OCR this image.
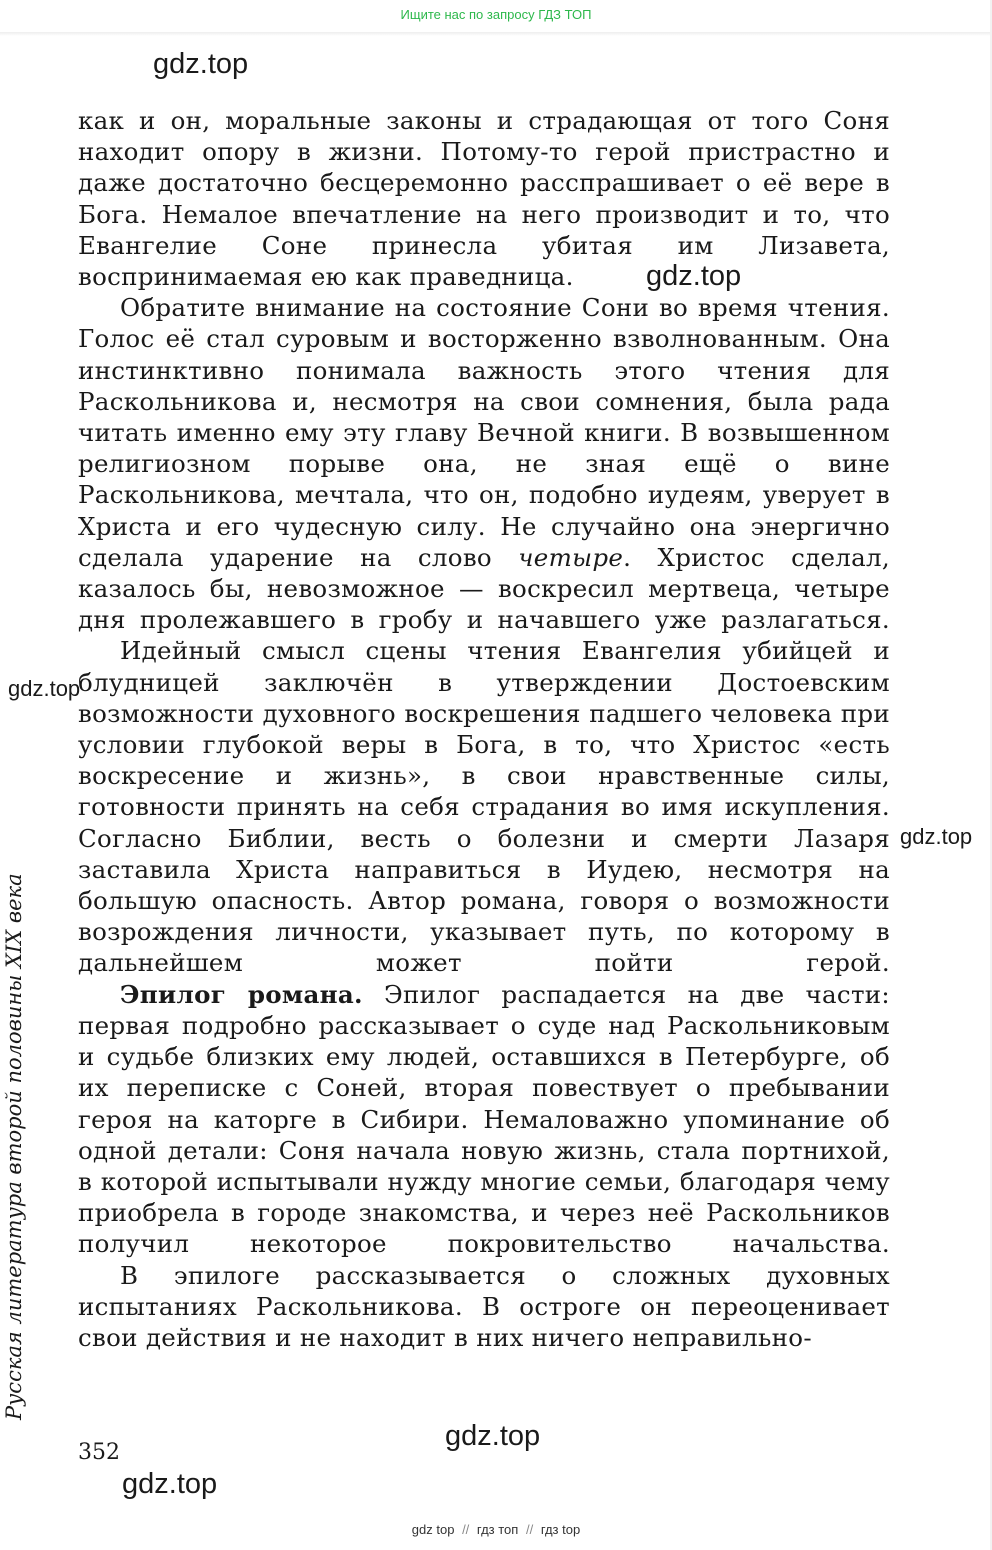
Ищите нас по запросу ГДЗ ТОП
gdz.top

как и он, моральные законы и страдающая от того Соня находит опору в жизни. Потому-то герой пристрастно и даже достаточно бесцеремонно расспрашивает о её вере в Бога. Немалое впечатление на него производит и то, что Евангелие Соне принесла убитая им Лизавета, воспринимаемая ею как праведница.

Обратите внимание на состояние Сони во время чтения. Голос её стал суровым и восторженно взволнованным. Она инстинктивно понимала важность этого чтения для Раскольникова и, несмотря на свои сомнения, была рада читать именно ему эту главу Вечной книги. В возвышенном религиозном порыве она, не зная ещё о вине Раскольникова, мечтала, что он, подобно иудеям, уверует в Христа и его чудесную силу. Не случайно она энергично сделала ударение на слово четыре. Христос сделал, казалось бы, невозможное — воскресил мертвеца, четыре дня пролежавшего в гробу и начавшего уже разлагаться.

Идейный смысл сцены чтения Евангелия убийцей и блудницей заключён в утверждении Достоевским возможности духовного воскрешения падшего человека при условии глубокой веры в Бога, в то, что Христос «есть воскресение и жизнь», в свои нравственные силы, готовности принять на себя страдания во имя искупления. Согласно Библии, весть о болезни и смерти Лазаря заставила Христа направиться в Иудею, несмотря на большую опасность. Автор романа, говоря о возможности возрождения личности, указывает путь, по которому в дальнейшем может пойти герой.

Эпилог романа. Эпилог распадается на две части: первая подробно рассказывает о суде над Раскольниковым и судьбе близких ему людей, оставшихся в Петербурге, об их переписке с Соней, вторая повествует о пребывании героя на каторге в Сибири. Немаловажно упоминание об одной детали: Соня начала новую жизнь, стала портнихой, в которой испытывали нужду многие семьи, благодаря чему приобрела в городе знакомства, и через неё Раскольников получил некоторое покровительство начальства.

В эпилоге рассказывается о сложных духовных испытаниях Раскольникова. В остроге он переоценивает свои действия и не находит в них ничего неправильно-

gdz.top
gdz.top
gdz.top
Русская литература второй половины XIX века
352
gdz.top
gdz.top
gdz top // гдз топ // гдз top
